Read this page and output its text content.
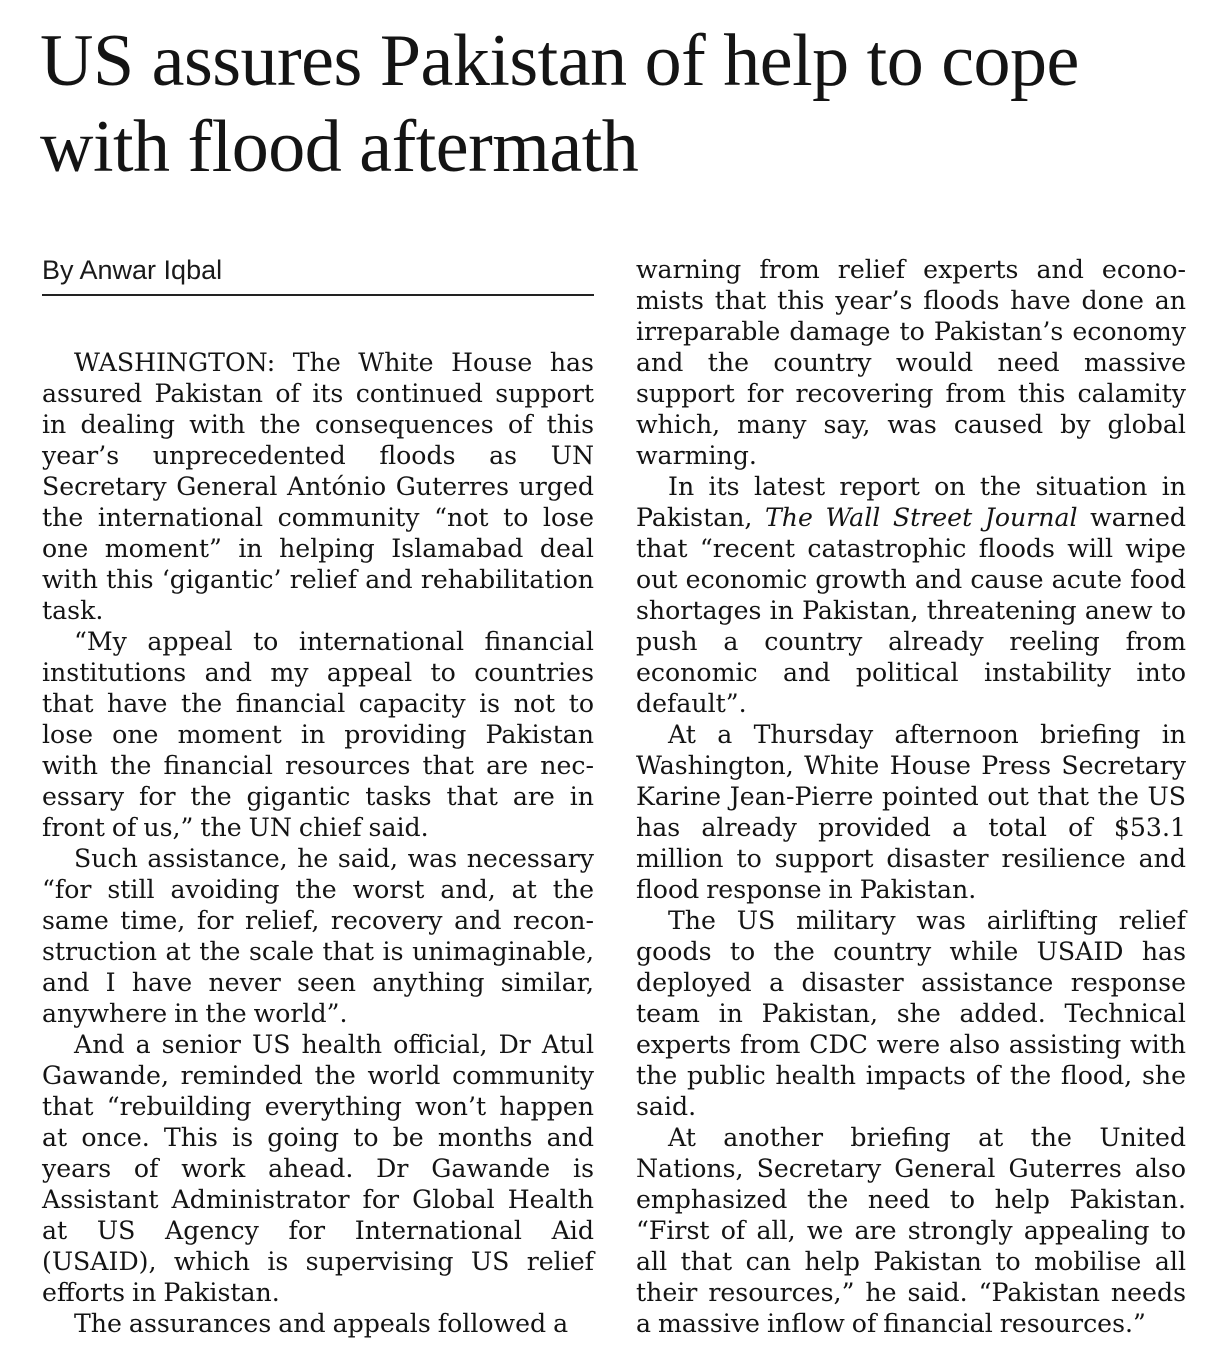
US assures Pakistan of help to cope with flood aftermath
By Anwar Iqbal

WASHINGTON: The White House has assured Pakistan of its continued support in dealing with the consequences of this year’s unprecedented floods as UN Secretary General António Guterres urged the international community “not to lose one moment” in helping Islamabad deal with this ‘gigantic’ relief and rehabilitation task.

“My appeal to international financial institutions and my appeal to countries that have the financial capacity is not to lose one moment in providing Pakistan with the financial resources that are necessary for the gigantic tasks that are in front of us,” the UN chief said.

Such assistance, he said, was necessary “for still avoiding the worst and, at the same time, for relief, recovery and reconstruction at the scale that is unimaginable, and I have never seen anything similar, anywhere in the world”.

And a senior US health official, Dr Atul Gawande, reminded the world community that “rebuilding everything won’t happen at once. This is going to be months and years of work ahead. Dr Gawande is Assistant Administrator for Global Health at US Agency for International Aid (USAID), which is supervising US relief efforts in Pakistan.

The assurances and appeals followed a

warning from relief experts and economists that this year’s floods have done an irreparable damage to Pakistan’s economy and the country would need massive support for recovering from this calamity which, many say, was caused by global warming.

In its latest report on the situation in Pakistan, The Wall Street Journal warned that “recent catastrophic floods will wipe out economic growth and cause acute food shortages in Pakistan, threatening anew to push a country already reeling from economic and political instability into default”.

At a Thursday afternoon briefing in Washington, White House Press Secretary Karine Jean-Pierre pointed out that the US has already provided a total of $53.1 million to support disaster resilience and flood response in Pakistan.

The US military was airlifting relief goods to the country while USAID has deployed a disaster assistance response team in Pakistan, she added. Technical experts from CDC were also assisting with the public health impacts of the flood, she said.

At another briefing at the United Nations, Secretary General Guterres also emphasized the need to help Pakistan. “First of all, we are strongly appealing to all that can help Pakistan to mobilise all their resources,” he said. “Pakistan needs a massive inflow of financial resources.”
